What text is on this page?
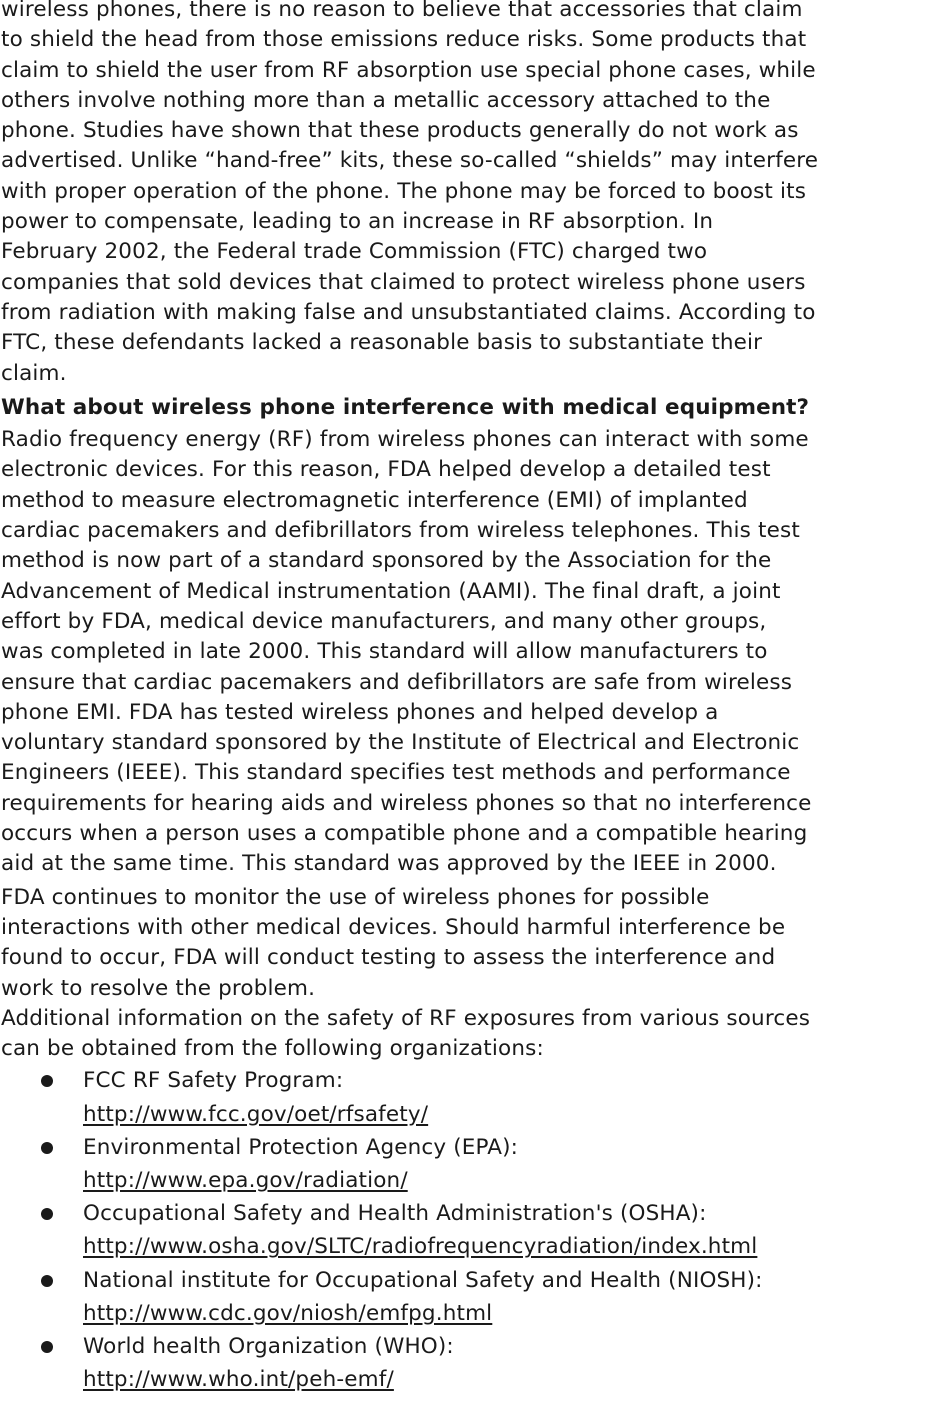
wireless phones, there is no reason to believe that accessories that claim
to shield the head from those emissions reduce risks. Some products that
claim to shield the user from RF absorption use special phone cases, while
others involve nothing more than a metallic accessory attached to the
phone. Studies have shown that these products generally do not work as
advertised. Unlike “hand-free” kits, these so-called “shields” may interfere
with proper operation of the phone. The phone may be forced to boost its
power to compensate, leading to an increase in RF absorption. In
February 2002, the Federal trade Commission (FTC) charged two
companies that sold devices that claimed to protect wireless phone users
from radiation with making false and unsubstantiated claims. According to
FTC, these defendants lacked a reasonable basis to substantiate their
claim.

What about wireless phone interference with medical equipment?

Radio frequency energy (RF) from wireless phones can interact with some
electronic devices. For this reason, FDA helped develop a detailed test
method to measure electromagnetic interference (EMI) of implanted
cardiac pacemakers and defibrillators from wireless telephones. This test
method is now part of a standard sponsored by the Association for the
Advancement of Medical instrumentation (AAMI). The final draft, a joint
effort by FDA, medical device manufacturers, and many other groups,
was completed in late 2000. This standard will allow manufacturers to
ensure that cardiac pacemakers and defibrillators are safe from wireless
phone EMI. FDA has tested wireless phones and helped develop a
voluntary standard sponsored by the Institute of Electrical and Electronic
Engineers (IEEE). This standard specifies test methods and performance
requirements for hearing aids and wireless phones so that no interference
occurs when a person uses a compatible phone and a compatible hearing
aid at the same time. This standard was approved by the IEEE in 2000.

FDA continues to monitor the use of wireless phones for possible
interactions with other medical devices. Should harmful interference be
found to occur, FDA will conduct testing to assess the interference and
work to resolve the problem.

Additional information on the safety of RF exposures from various sources
can be obtained from the following organizations:

FCC RF Safety Program:
http://www.fcc.gov/oet/rfsafety/
Environmental Protection Agency (EPA):
http://www.epa.gov/radiation/
Occupational Safety and Health Administration's (OSHA):
http://www.osha.gov/SLTC/radiofrequencyradiation/index.html
National institute for Occupational Safety and Health (NIOSH):
http://www.cdc.gov/niosh/emfpg.html
World health Organization (WHO):
http://www.who.int/peh-emf/
